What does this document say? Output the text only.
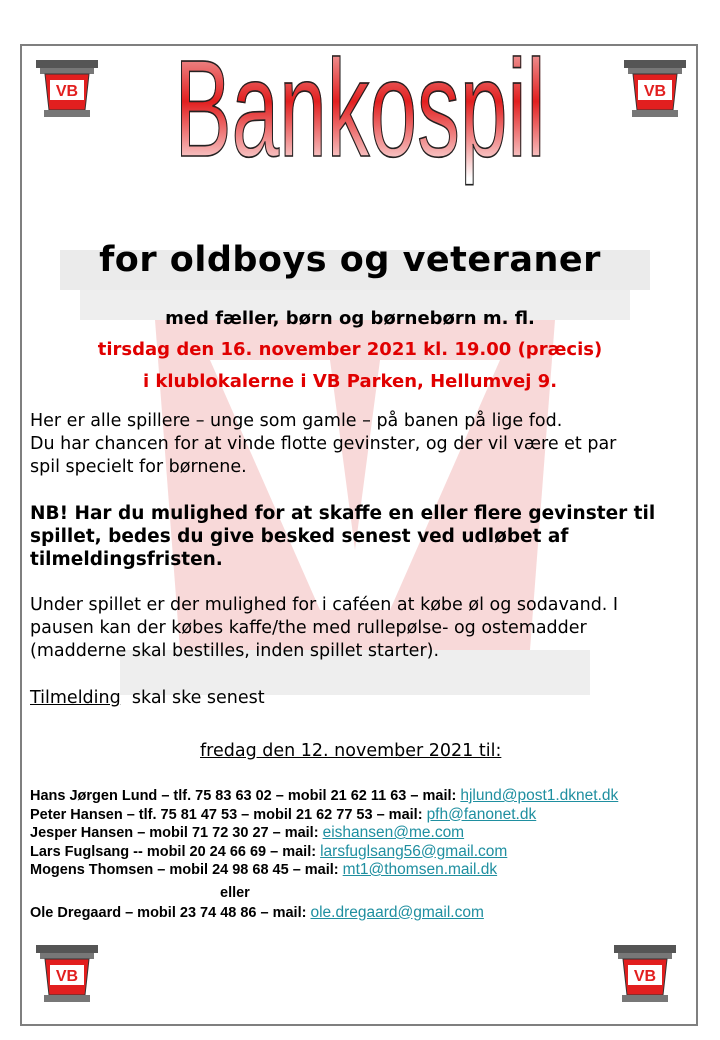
VB	VB
VB	VB
Bankospil
for oldboys og veteraner
med fæller, børn og børnebørn m. fl.
tirsdag den 16. november 2021 kl. 19.00 (præcis)
i klublokalerne i VB Parken, Hellumvej 9.
Her er alle spillere – unge som gamle – på banen på lige fod.
Du har chancen for at vinde flotte gevinster, og der vil være et par
spil specielt for børnene.
NB! Har du mulighed for at skaffe en eller flere gevinster til
spillet, bedes du give besked senest ved udløbet af
tilmeldingsfristen.
Under spillet er der mulighed for i caféen at købe øl og sodavand. I
pausen kan der købes kaffe/the med rullepølse- og ostemadder
(madderne skal bestilles, inden spillet starter).
Tilmelding skal ske senest
fredag den 12. november 2021 til:
Hans Jørgen Lund – tlf. 75 83 63 02 – mobil 21 62 11 63 – mail: hjlund@post1.dknet.dk
Peter Hansen – tlf. 75 81 47 53 – mobil 21 62 77 53 – mail: pfh@fanonet.dk
Jesper Hansen – mobil 71 72 30 27 – mail: eishansen@me.com
Lars Fuglsang -- mobil 20 24 66 69 – mail: larsfuglsang56@gmail.com
Mogens Thomsen – mobil 24 98 68 45 – mail: mt1@thomsen.mail.dk
eller
Ole Dregaard – mobil 23 74 48 86 – mail: ole.dregaard@gmail.com
